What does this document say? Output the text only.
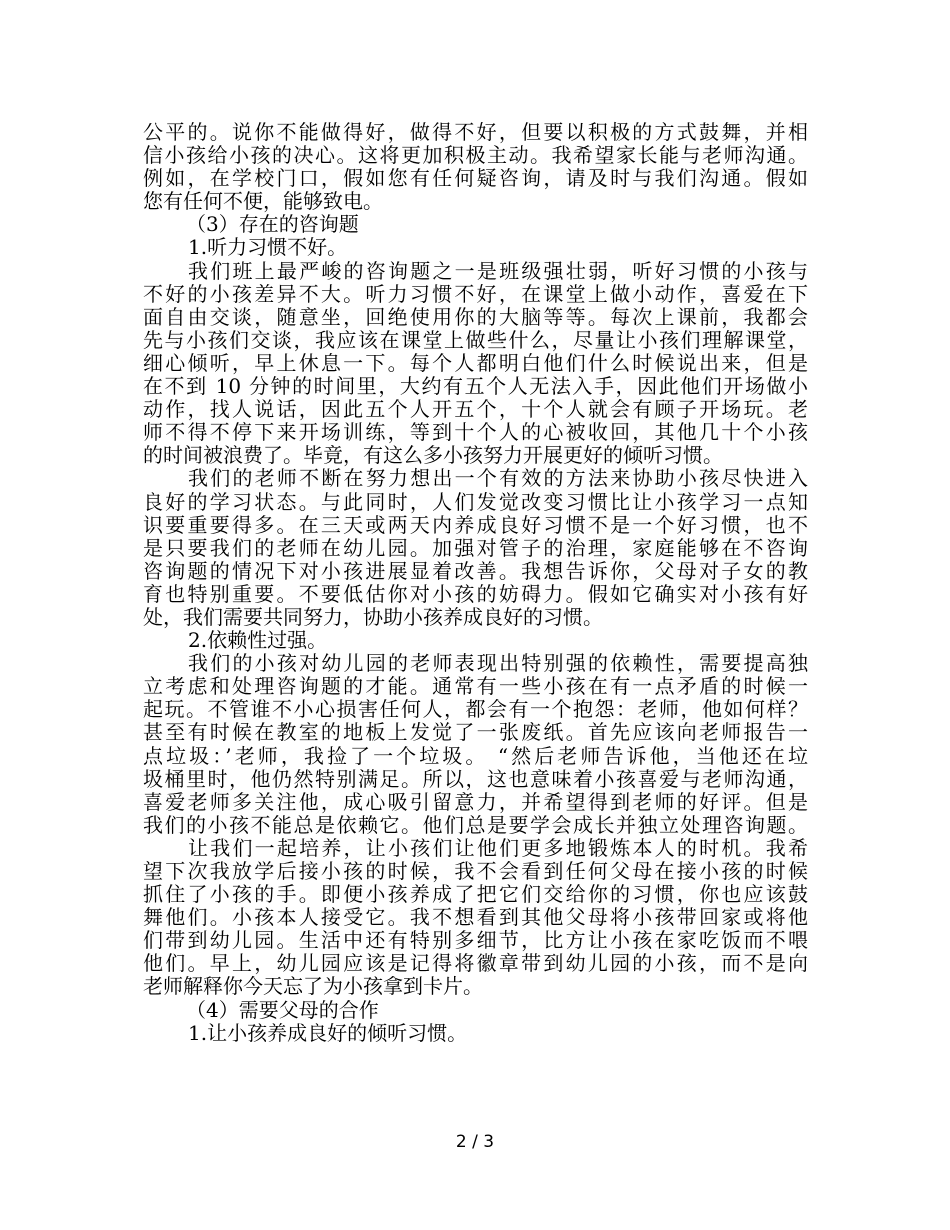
公平的。说你不能做得好，做得不好，但要以积极的方式鼓舞，并相
信小孩给小孩的决心。这将更加积极主动。我希望家长能与老师沟通。
例如，在学校门口，假如您有任何疑咨询，请及时与我们沟通。假如
您有任何不便，能够致电。
（3）存在的咨询题
1.听力习惯不好。
我们班上最严峻的咨询题之一是班级强壮弱，听好习惯的小孩与
不好的小孩差异不大。听力习惯不好，在课堂上做小动作，喜爱在下
面自由交谈，随意坐，回绝使用你的大脑等等。每次上课前，我都会
先与小孩们交谈，我应该在课堂上做些什么，尽量让小孩们理解课堂，
细心倾听，早上休息一下。每个人都明白他们什么时候说出来，但是
在不到 10 分钟的时间里，大约有五个人无法入手，因此他们开场做小
动作，找人说话，因此五个人开五个，十个人就会有顾子开场玩。老
师不得不停下来开场训练，等到十个人的心被收回，其他几十个小孩
的时间被浪费了。毕竟，有这么多小孩努力开展更好的倾听习惯。
我们的老师不断在努力想出一个有效的方法来协助小孩尽快进入
良好的学习状态。与此同时，人们发觉改变习惯比让小孩学习一点知
识要重要得多。在三天或两天内养成良好习惯不是一个好习惯，也不
是只要我们的老师在幼儿园。加强对管子的治理，家庭能够在不咨询
咨询题的情况下对小孩进展显着改善。我想告诉你，父母对子女的教
育也特别重要。不要低估你对小孩的妨碍力。假如它确实对小孩有好
处，我们需要共同努力，协助小孩养成良好的习惯。
2.依赖性过强。
我们的小孩对幼儿园的老师表现出特别强的依赖性，需要提高独
立考虑和处理咨询题的才能。通常有一些小孩在有一点矛盾的时候一
起玩。不管谁不小心损害任何人，都会有一个抱怨：老师，他如何样？
甚至有时候在教室的地板上发觉了一张废纸。首先应该向老师报告一
点垃圾：’老师，我捡了一个垃圾。 “然后老师告诉他，当他还在垃
圾桶里时，他仍然特别满足。所以，这也意味着小孩喜爱与老师沟通，
喜爱老师多关注他，成心吸引留意力，并希望得到老师的好评。但是
我们的小孩不能总是依赖它。他们总是要学会成长并独立处理咨询题。
让我们一起培养，让小孩们让他们更多地锻炼本人的时机。我希
望下次我放学后接小孩的时候，我不会看到任何父母在接小孩的时候
抓住了小孩的手。即便小孩养成了把它们交给你的习惯，你也应该鼓
舞他们。小孩本人接受它。我不想看到其他父母将小孩带回家或将他
们带到幼儿园。生活中还有特别多细节，比方让小孩在家吃饭而不喂
他们。早上，幼儿园应该是记得将徽章带到幼儿园的小孩，而不是向
老师解释你今天忘了为小孩拿到卡片。
（4）需要父母的合作
1.让小孩养成良好的倾听习惯。
2 / 3
